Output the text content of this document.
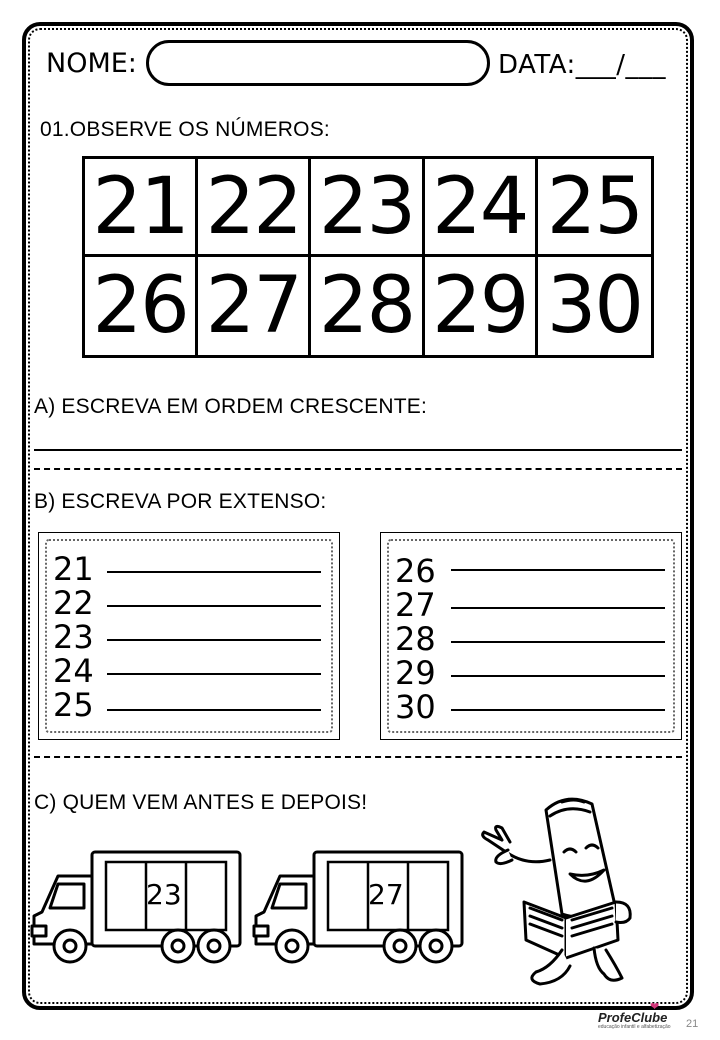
NOME:	DATA:___/___
01.OBSERVE OS NÚMEROS:
21 22 23 24 25
26 27 28 29 30
A) ESCREVA EM ORDEM CRESCENTE:
B) ESCREVA POR EXTENSO:
21
22
23
24
25
26
27
28
29
30
C) QUEM VEM ANTES E DEPOIS!
23	27
ProfeClube
educação infantil e alfabetização
❤
21
